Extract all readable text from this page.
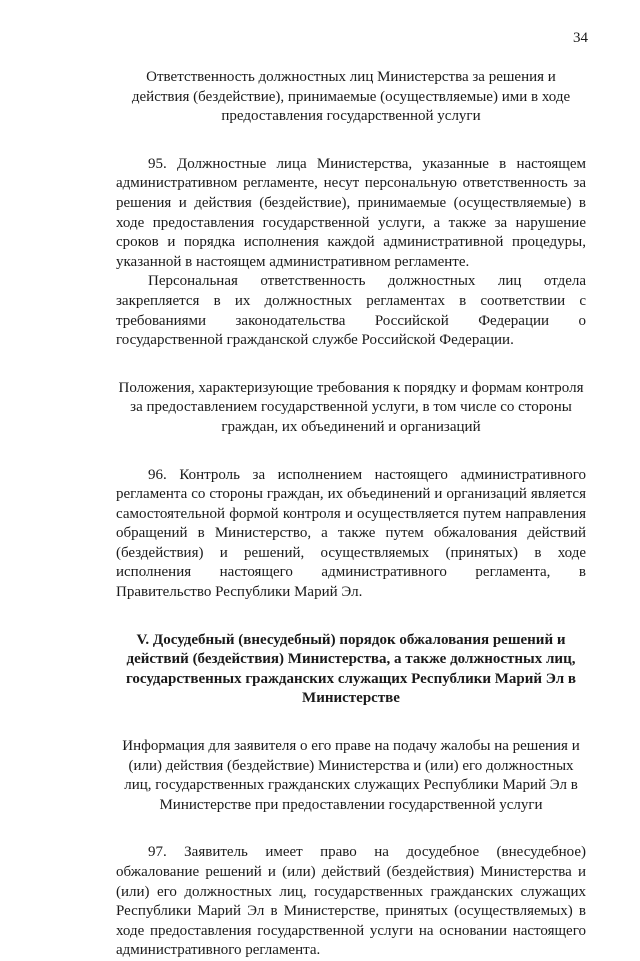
34

Ответственность должностных лиц Министерства за решения и действия (бездействие), принимаемые (осуществляемые) ими в ходе предоставления государственной услуги

95. Должностные лица Министерства, указанные в настоящем административном регламенте, несут персональную ответственность за решения и действия (бездействие), принимаемые (осуществляемые) в ходе предоставления государственной услуги, а также за нарушение сроков и порядка исполнения каждой административной процедуры, указанной в настоящем административном регламенте.

Персональная ответственность должностных лиц отдела закрепляется в их должностных регламентах в соответствии с требованиями законодательства Российской Федерации о государственной гражданской службе Российской Федерации.

Положения, характеризующие требования к порядку и формам контроля за предоставлением государственной услуги, в том числе со стороны граждан, их объединений и организаций

96. Контроль за исполнением настоящего административного регламента со стороны граждан, их объединений и организаций является самостоятельной формой контроля и осуществляется путем направления обращений в Министерство, а также путем обжалования действий (бездействия) и решений, осуществляемых (принятых) в ходе исполнения настоящего административного регламента, в Правительство Республики Марий Эл.

V. Досудебный (внесудебный) порядок обжалования решений и действий (бездействия) Министерства, а также должностных лиц, государственных гражданских служащих Республики Марий Эл в Министерстве

Информация для заявителя о его праве на подачу жалобы на решения и (или) действия (бездействие) Министерства и (или) его должностных лиц, государственных гражданских служащих Республики Марий Эл в Министерстве при предоставлении государственной услуги

97. Заявитель имеет право на досудебное (внесудебное) обжалование решений и (или) действий (бездействия) Министерства и (или) его должностных лиц, государственных гражданских служащих Республики Марий Эл в Министерстве, принятых (осуществляемых) в ходе предоставления государственной услуги на основании настоящего административного регламента.
